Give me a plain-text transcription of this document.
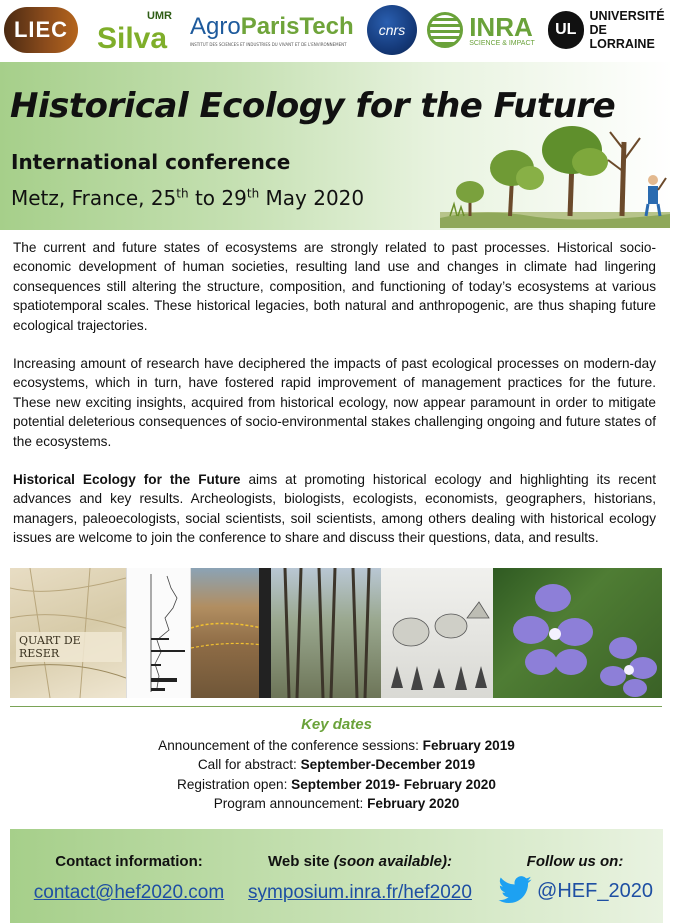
LIEC Silva
UMR AgroParisTech
INSTITUT DES SCIENCES ET INDUSTRIES DU VIVANT ET DE L'ENVIRONNEMENT
cnrs INRA
SCIENCE & IMPACT
UL
UNIVERSITÉ
DE LORRAINE
Historical Ecology for the Future
International conference
Metz, France, 25th to 29th May 2020

The current and future states of ecosystems are strongly related to past processes. Historical socio-economic development of human societies, resulting land use and changes in climate had lingering consequences still altering the structure, composition, and functioning of today’s ecosystems at various spatiotemporal scales. These historical legacies, both natural and anthropogenic, are thus shaping future ecological trajectories.

Increasing amount of research have deciphered the impacts of past ecological processes on modern-day ecosystems, which in turn, have fostered rapid improvement of management practices for the future. These new exciting insights, acquired from historical ecology, now appear paramount in order to mitigate potential deleterious consequences of socio-environmental stakes challenging ongoing and future states of the ecosystems.

Historical Ecology for the Future aims at promoting historical ecology and highlighting its recent advances and key results. Archeologists, biologists, ecologists, economists, geographers, historians, managers, paleoecologists, social scientists, soil scientists, among others dealing with historical ecology issues are welcome to join the conference to share and discuss their questions, data, and results.

QUART DE RESER
Key dates
Announcement of the conference sessions: February 2019
Call for abstract: September-December 2019
Registration open: September 2019- February 2020
Program announcement: February 2020
Contact information:
contact@hef2020.com
Web site (soon available):
symposium.inra.fr/hef2020
Follow us on:
@HEF_2020
